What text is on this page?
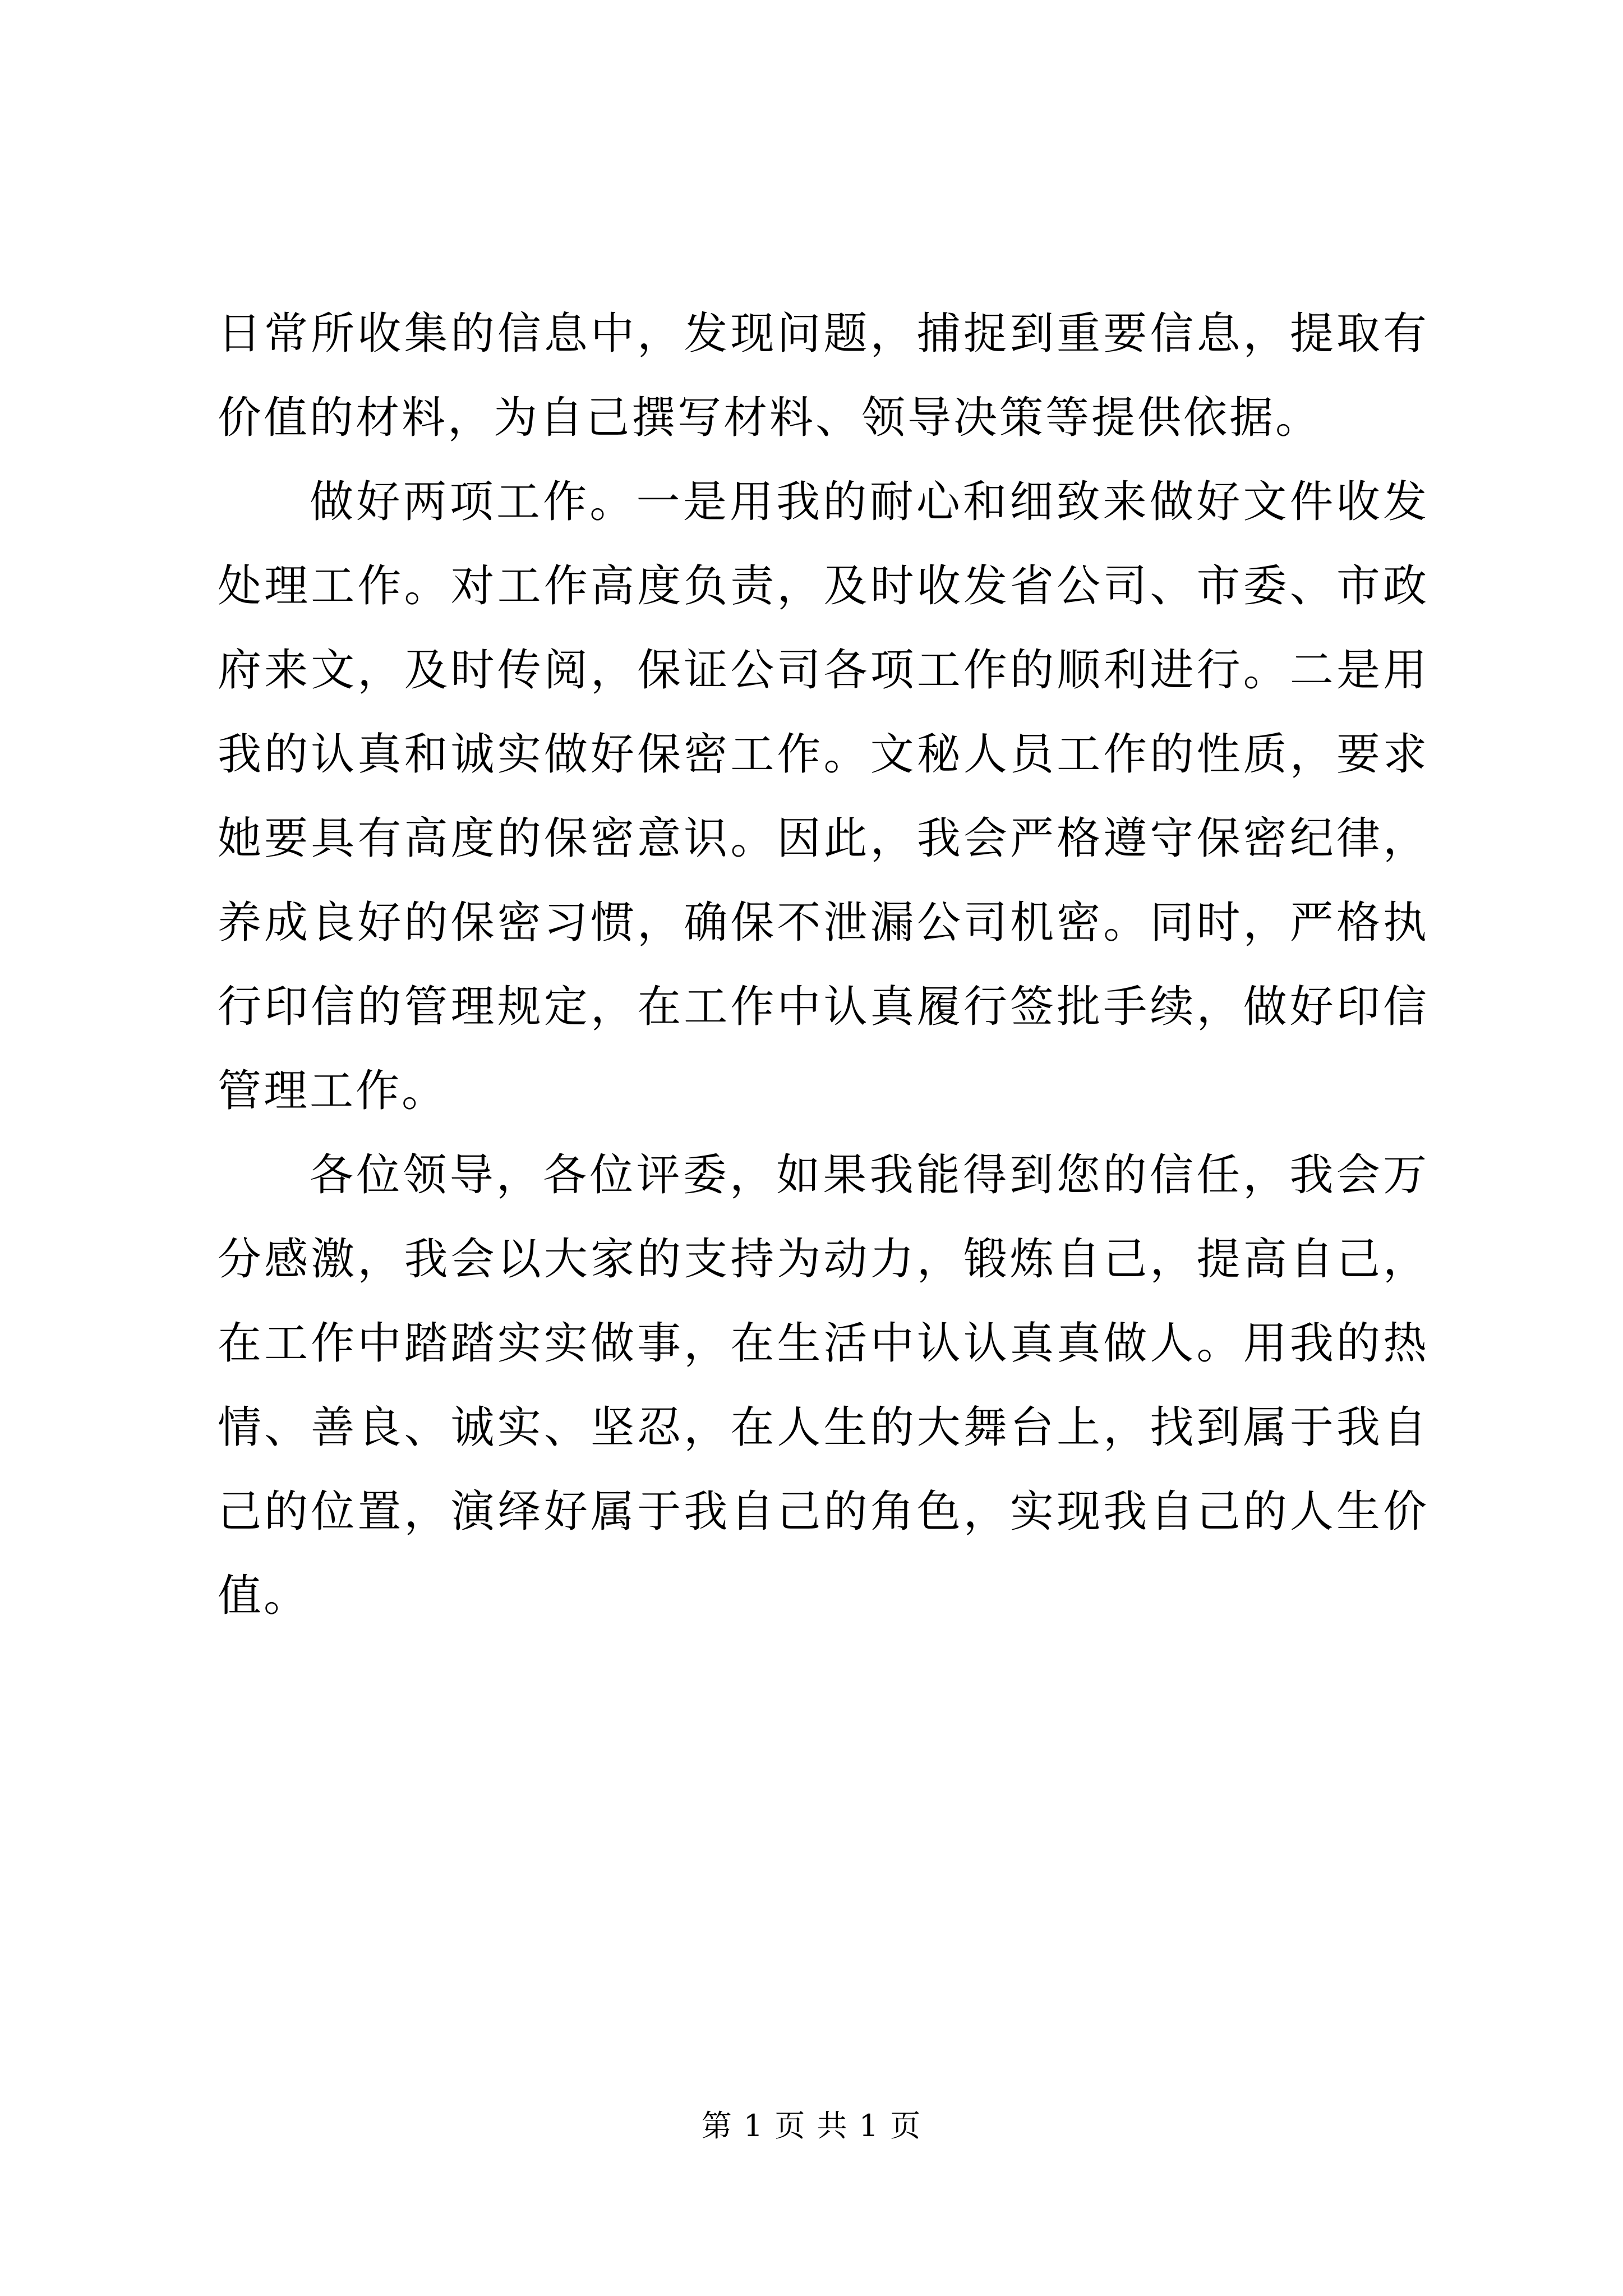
日常所收集的信息中，发现问题，捕捉到重要信息，提取有价值的材料，为自己撰写材料、领导决策等提供依据。

做好两项工作。一是用我的耐心和细致来做好文件收发处理工作。对工作高度负责，及时收发省公司、市委、市政府来文，及时传阅，保证公司各项工作的顺利进行。二是用我的认真和诚实做好保密工作。文秘人员工作的性质，要求她要具有高度的保密意识。因此，我会严格遵守保密纪律，养成良好的保密习惯，确保不泄漏公司机密。同时，严格执行印信的管理规定，在工作中认真履行签批手续，做好印信管理工作。

各位领导，各位评委，如果我能得到您的信任，我会万分感激，我会以大家的支持为动力，锻炼自己，提高自己，在工作中踏踏实实做事，在生活中认认真真做人。用我的热情、善良、诚实、坚忍，在人生的大舞台上，找到属于我自己的位置，演绎好属于我自己的角色，实现我自己的人生价值。

第 1 页 共 1 页
